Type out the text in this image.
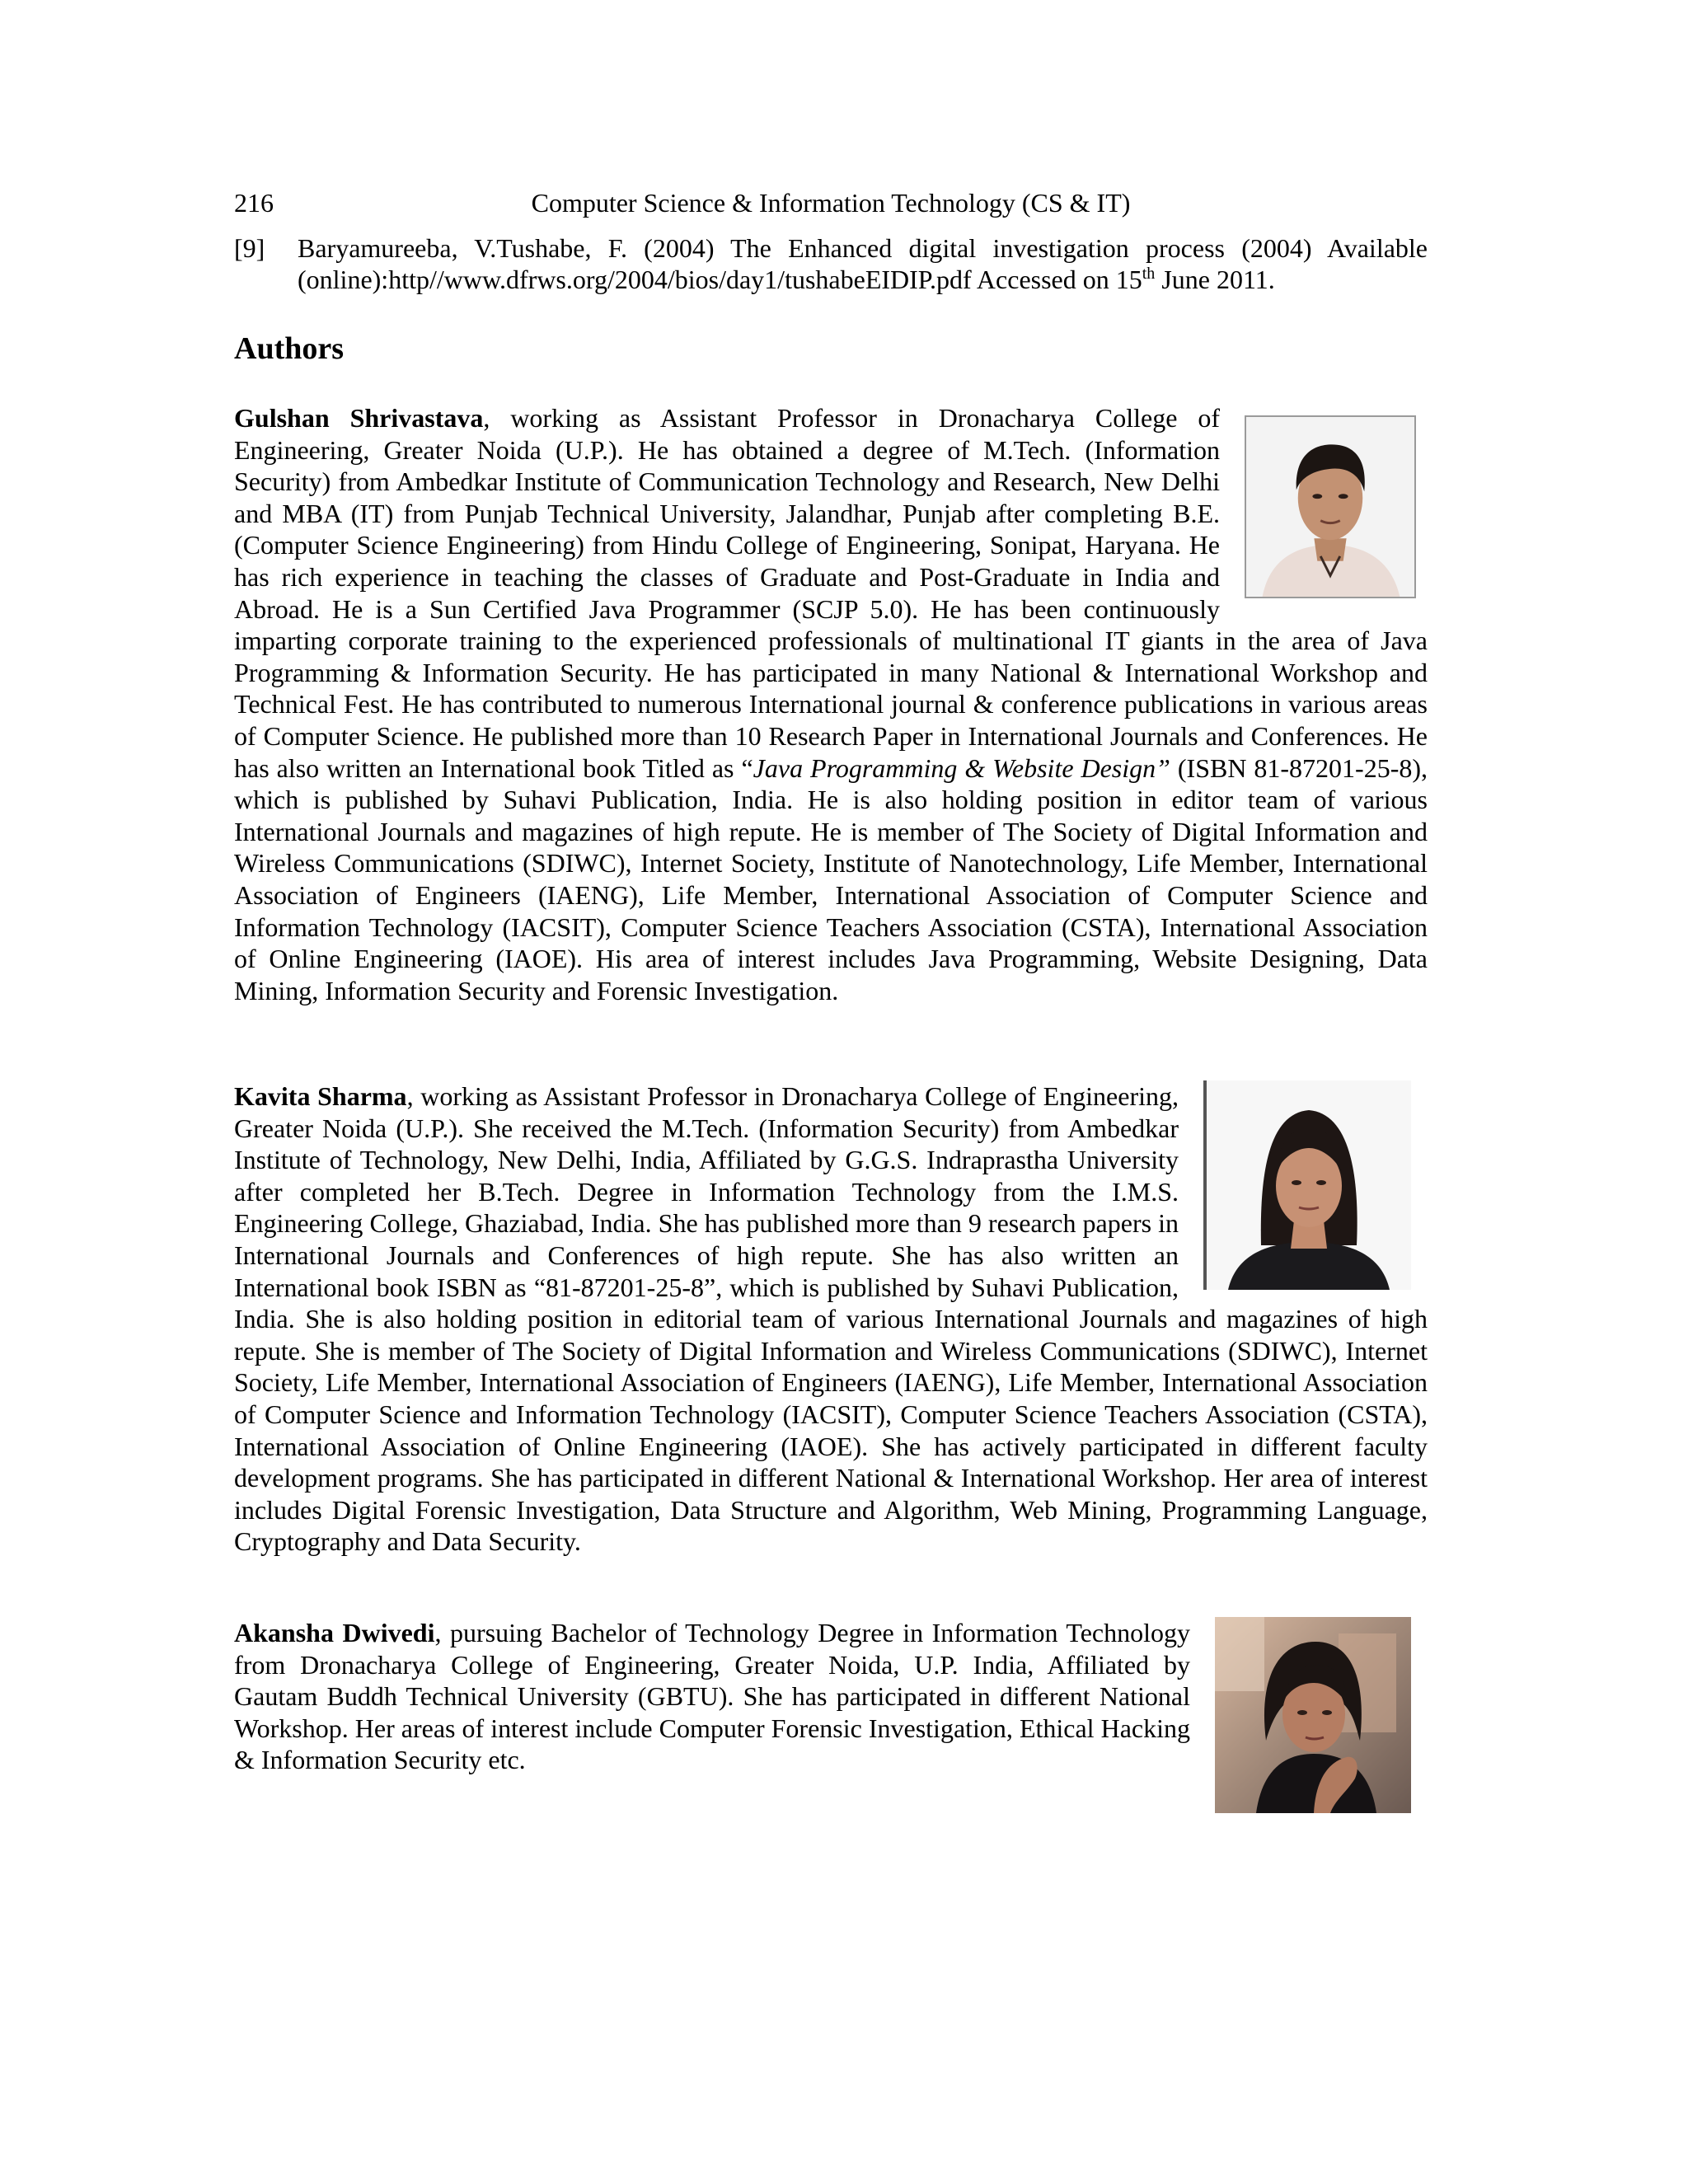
216	Computer Science & Information Technology (CS & IT)
[9] Baryamureeba, V.Tushabe, F. (2004) The Enhanced digital investigation process (2004) Available (online):http//www.dfrws.org/2004/bios/day1/tushabeEIDIP.pdf Accessed on 15th June 2011.
Authors
Gulshan Shrivastava, working as Assistant Professor in Dronacharya College of Engineering, Greater Noida (U.P.). He has obtained a degree of M.Tech. (Information Security) from Ambedkar Institute of Communication Technology and Research, New Delhi and MBA (IT) from Punjab Technical University, Jalandhar, Punjab after completing B.E. (Computer Science Engineering) from Hindu College of Engineering, Sonipat, Haryana. He has rich experience in teaching the classes of Graduate and Post-Graduate in India and Abroad. He is a Sun Certified Java Programmer (SCJP 5.0). He has been continuously imparting corporate training to the experienced professionals of multinational IT giants in the area of Java Programming & Information Security. He has participated in many National & International Workshop and Technical Fest. He has contributed to numerous International journal & conference publications in various areas of Computer Science. He published more than 10 Research Paper in International Journals and Conferences. He has also written an International book Titled as “Java Programming & Website Design” (ISBN 81-87201-25-8), which is published by Suhavi Publication, India. He is also holding position in editor team of various International Journals and magazines of high repute. He is member of The Society of Digital Information and Wireless Communications (SDIWC), Internet Society, Institute of Nanotechnology, Life Member, International Association of Engineers (IAENG), Life Member, International Association of Computer Science and Information Technology (IACSIT), Computer Science Teachers Association (CSTA), International Association of Online Engineering (IAOE). His area of interest includes Java Programming, Website Designing, Data Mining, Information Security and Forensic Investigation.
Kavita Sharma, working as Assistant Professor in Dronacharya College of Engineering, Greater Noida (U.P.). She received the M.Tech. (Information Security) from Ambedkar Institute of Technology, New Delhi, India, Affiliated by G.G.S. Indraprastha University after completed her B.Tech. Degree in Information Technology from the I.M.S. Engineering College, Ghaziabad, India. She has published more than 9 research papers in International Journals and Conferences of high repute. She has also written an International book ISBN as “81-87201-25-8”, which is published by Suhavi Publication, India. She is also holding position in editorial team of various International Journals and magazines of high repute. She is member of The Society of Digital Information and Wireless Communications (SDIWC), Internet Society, Life Member, International Association of Engineers (IAENG), Life Member, International Association of Computer Science and Information Technology (IACSIT), Computer Science Teachers Association (CSTA), International Association of Online Engineering (IAOE). She has actively participated in different faculty development programs. She has participated in different National & International Workshop. Her area of interest includes Digital Forensic Investigation, Data Structure and Algorithm, Web Mining, Programming Language, Cryptography and Data Security.
Akansha Dwivedi, pursuing Bachelor of Technology Degree in Information Technology from Dronacharya College of Engineering, Greater Noida, U.P. India, Affiliated by Gautam Buddh Technical University (GBTU). She has participated in different National Workshop. Her areas of interest include Computer Forensic Investigation, Ethical Hacking & Information Security etc.
